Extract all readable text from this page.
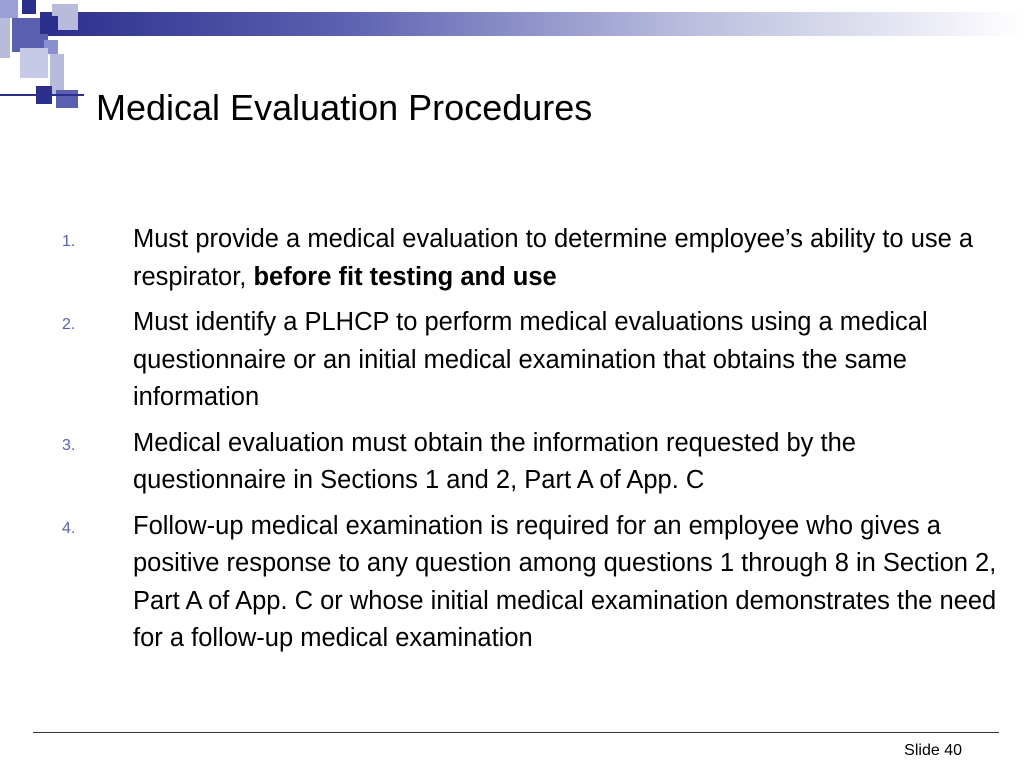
Medical Evaluation Procedures
1. Must provide a medical evaluation to determine employee’s ability to use a respirator, before fit testing and use
2. Must identify a PLHCP to perform medical evaluations using a medical questionnaire or an initial medical examination that obtains the same information
3. Medical evaluation must obtain the information requested by the questionnaire in Sections 1 and 2, Part A of App. C
4. Follow-up medical examination is required for an employee who gives a positive response to any question among questions 1 through 8 in Section 2, Part A of App. C or whose initial medical examination demonstrates the need for a follow-up medical examination
Slide 40
